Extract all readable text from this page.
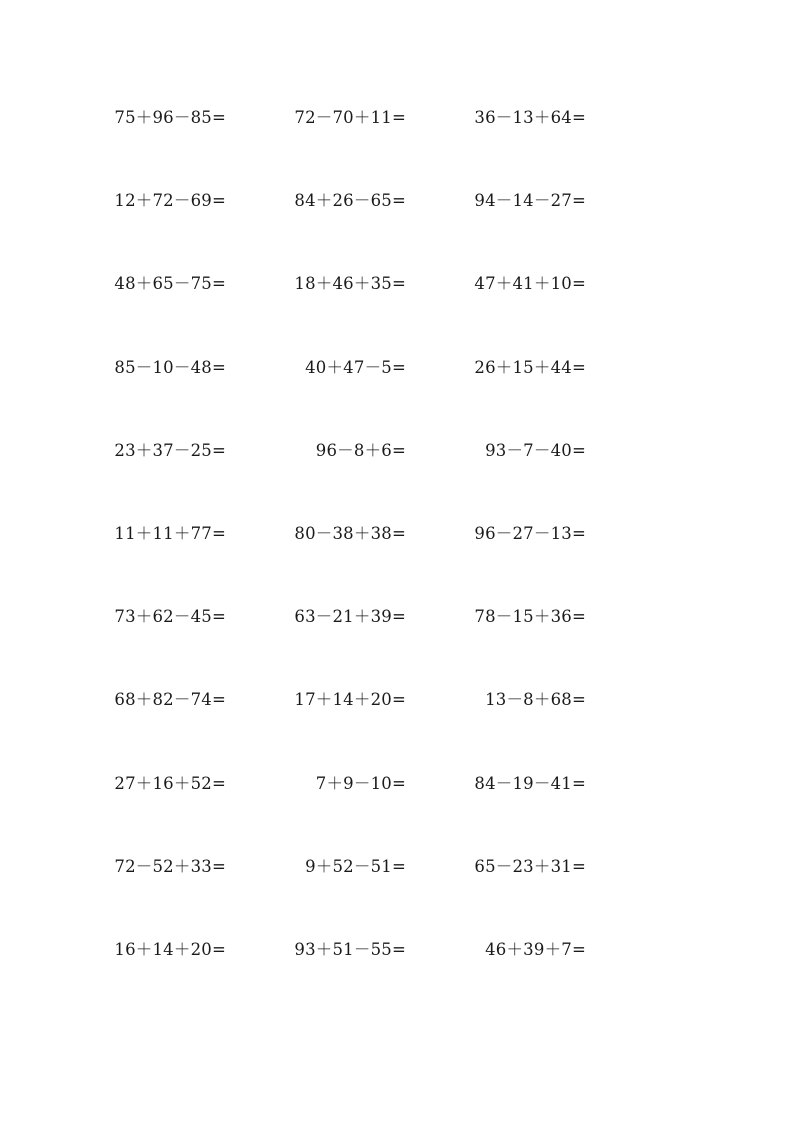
75＋96－85=	72－70＋11=	36－13＋64=
12＋72－69=	84＋26－65=	94－14－27=
48＋65－75=	18＋46＋35=	47＋41＋10=
85－10－48=	40＋47－5=	26＋15＋44=
23＋37－25=	96－8＋6=	93－7－40=
11＋11＋77=	80－38＋38=	96－27－13=
73＋62－45=	63－21＋39=	78－15＋36=
68＋82－74=	17＋14＋20=	13－8＋68=
27＋16＋52=	7＋9－10=	84－19－41=
72－52＋33=	9＋52－51=	65－23＋31=
16＋14＋20=	93＋51－55=	46＋39＋7=
